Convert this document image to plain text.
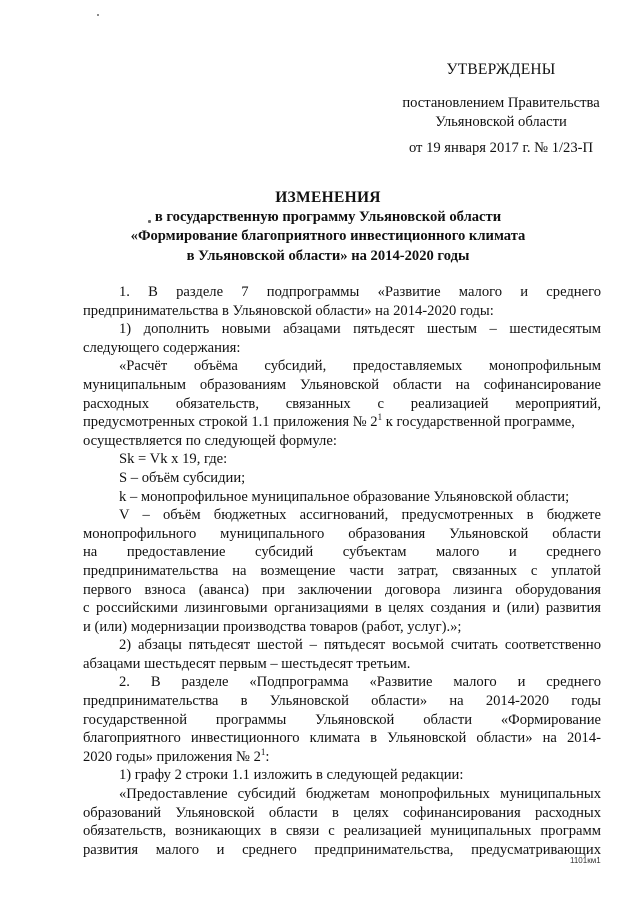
УТВЕРЖДЕНЫ
постановлением Правительства
Ульяновской области
от 19 января 2017 г. № 1/23-П
ИЗМЕНЕНИЯ
в государственную программу Ульяновской области
«Формирование благоприятного инвестиционного климата
в Ульяновской области» на 2014-2020 годы
1. В разделе 7 подпрограммы «Развитие малого и среднего
предпринимательства в Ульяновской области» на 2014-2020 годы:
1) дополнить новыми абзацами пятьдесят шестым – шестидесятым
следующего содержания:
«Расчёт объёма субсидий, предоставляемых монопрофильным
муниципальным образованиям Ульяновской области на софинансирование
расходных обязательств, связанных с реализацией мероприятий,
предусмотренных строкой 1.1 приложения № $2^1$ к государственной программе,
осуществляется по следующей формуле:
Sk = Vk x 19, где:
S – объём субсидии;
k – монопрофильное муниципальное образование Ульяновской области;
V – объём бюджетных ассигнований, предусмотренных в бюджете
монопрофильного муниципального образования Ульяновской области
на предоставление субсидий субъектам малого и среднего
предпринимательства на возмещение части затрат, связанных с уплатой
первого взноса (аванса) при заключении договора лизинга оборудования
с российскими лизинговыми организациями в целях создания и (или) развития
и (или) модернизации производства товаров (работ, услуг).»;
2) абзацы пятьдесят шестой – пятьдесят восьмой считать соответственно
абзацами шестьдесят первым – шестьдесят третьим.
2. В разделе «Подпрограмма «Развитие малого и среднего
предпринимательства в Ульяновской области» на 2014-2020 годы
государственной программы Ульяновской области «Формирование
благоприятного инвестиционного климата в Ульяновской области» на 2014-
2020 годы» приложения № $2^1$:
1) графу 2 строки 1.1 изложить в следующей редакции:
«Предоставление субсидий бюджетам монопрофильных муниципальных
образований Ульяновской области в целях софинансирования расходных
обязательств, возникающих в связи с реализацией муниципальных программ
развития малого и среднего предпринимательства, предусматривающих
1101км1
